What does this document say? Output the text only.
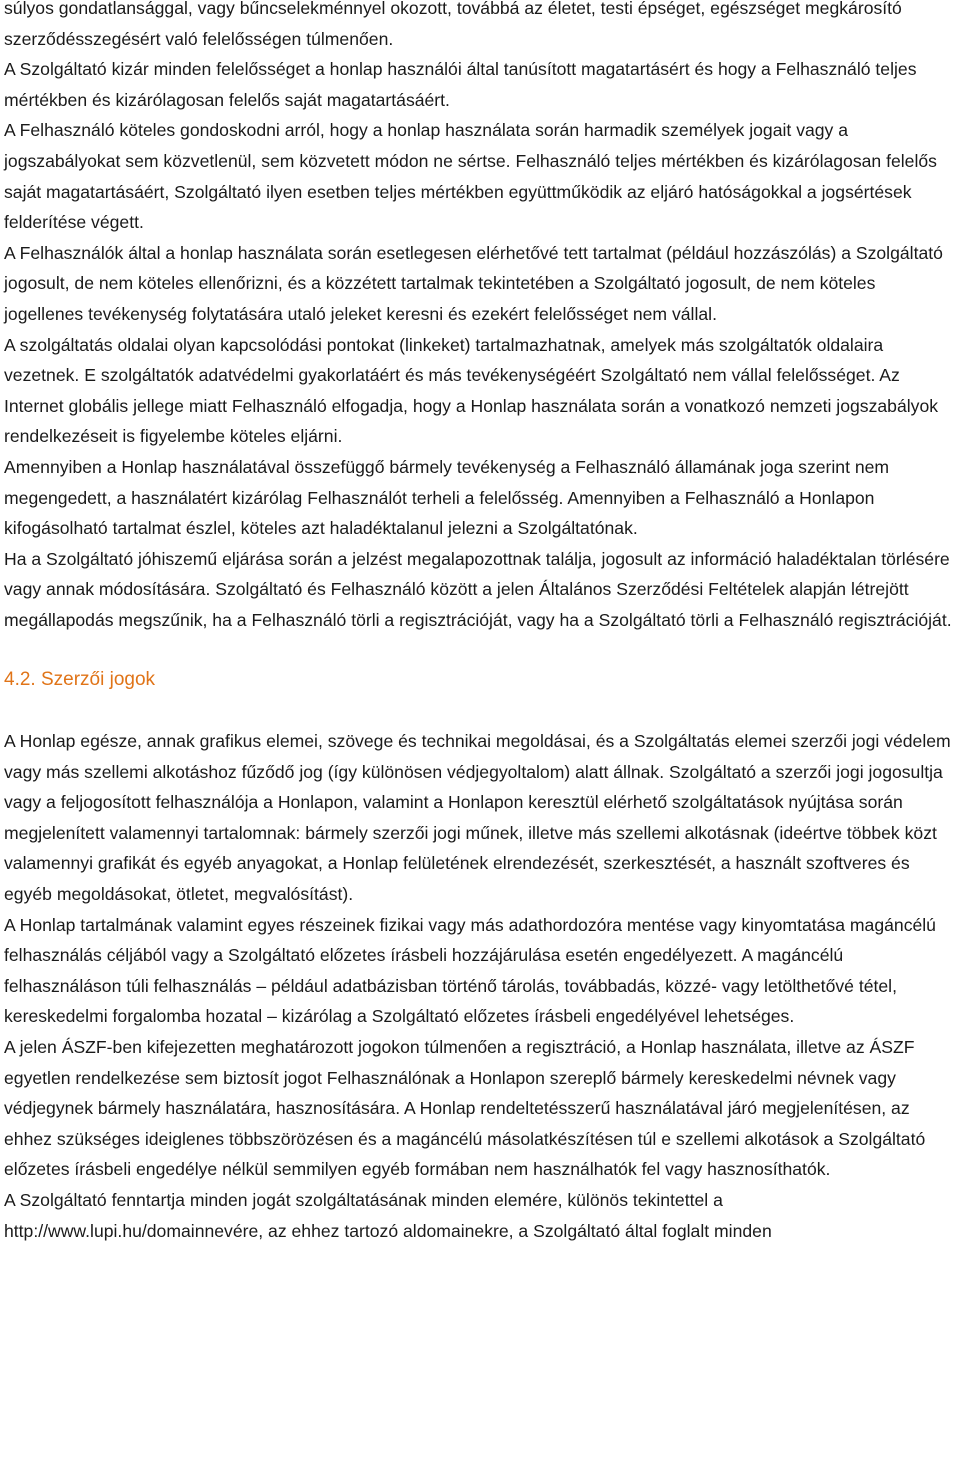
súlyos gondatlansággal, vagy bűncselekménnyel okozott, továbbá az életet, testi épséget, egészséget megkárosító szerződésszegésért való felelősségen túlmenően.

A Szolgáltató kizár minden felelősséget a honlap használói által tanúsított magatartásért és hogy a Felhasználó teljes mértékben és kizárólagosan felelős saját magatartásáért.

A Felhasználó köteles gondoskodni arról, hogy a honlap használata során harmadik személyek jogait vagy a jogszabályokat sem közvetlenül, sem közvetett módon ne sértse. Felhasználó teljes mértékben és kizárólagosan felelős saját magatartásáért, Szolgáltató ilyen esetben teljes mértékben együttműködik az eljáró hatóságokkal a jogsértések felderítése végett.

A Felhasználók által a honlap használata során esetlegesen elérhetővé tett tartalmat (például hozzászólás) a Szolgáltató jogosult, de nem köteles ellenőrizni, és a közzétett tartalmak tekintetében a Szolgáltató jogosult, de nem köteles jogellenes tevékenység folytatására utaló jeleket keresni és ezekért felelősséget nem vállal.

A szolgáltatás oldalai olyan kapcsolódási pontokat (linkeket) tartalmazhatnak, amelyek más szolgáltatók oldalaira vezetnek. E szolgáltatók adatvédelmi gyakorlatáért és más tevékenységéért Szolgáltató nem vállal felelősséget. Az Internet globális jellege miatt Felhasználó elfogadja, hogy a Honlap használata során a vonatkozó nemzeti jogszabályok rendelkezéseit is figyelembe köteles eljárni.

Amennyiben a Honlap használatával összefüggő bármely tevékenység a Felhasználó államának joga szerint nem megengedett, a használatért kizárólag Felhasználót terheli a felelősség. Amennyiben a Felhasználó a Honlapon kifogásolható tartalmat észlel, köteles azt haladéktalanul jelezni a Szolgáltatónak.

Ha a Szolgáltató jóhiszemű eljárása során a jelzést megalapozottnak találja, jogosult az információ haladéktalan törlésére vagy annak módosítására. Szolgáltató és Felhasználó között a jelen Általános Szerződési Feltételek alapján létrejött megállapodás megszűnik, ha a Felhasználó törli a regisztrációját, vagy ha a Szolgáltató törli a Felhasználó regisztrációját.

4.2. Szerzői jogok

A Honlap egésze, annak grafikus elemei, szövege és technikai megoldásai, és a Szolgáltatás elemei szerzői jogi védelem vagy más szellemi alkotáshoz fűződő jog (így különösen védjegyoltalom) alatt állnak. Szolgáltató a szerzői jogi jogosultja vagy a feljogosított felhasználója a Honlapon, valamint a Honlapon keresztül elérhető szolgáltatások nyújtása során megjelenített valamennyi tartalomnak: bármely szerzői jogi műnek, illetve más szellemi alkotásnak (ideértve többek közt valamennyi grafikát és egyéb anyagokat, a Honlap felületének elrendezését, szerkesztését, a használt szoftveres és egyéb megoldásokat, ötletet, megvalósítást).

A Honlap tartalmának valamint egyes részeinek fizikai vagy más adathordozóra mentése vagy kinyomtatása magáncélú felhasználás céljából vagy a Szolgáltató előzetes írásbeli hozzájárulása esetén engedélyezett. A magáncélú felhasználáson túli felhasználás – például adatbázisban történő tárolás, továbbadás, közzé- vagy letölthetővé tétel, kereskedelmi forgalomba hozatal – kizárólag a Szolgáltató előzetes írásbeli engedélyével lehetséges.

A jelen ÁSZF-ben kifejezetten meghatározott jogokon túlmenően a regisztráció, a Honlap használata, illetve az ÁSZF egyetlen rendelkezése sem biztosít jogot Felhasználónak a Honlapon szereplő bármely kereskedelmi névnek vagy védjegynek bármely használatára, hasznosítására. A Honlap rendeltetésszerű használatával járó megjelenítésen, az ehhez szükséges ideiglenes többszörözésen és a magáncélú másolatkészítésen túl e szellemi alkotások a Szolgáltató előzetes írásbeli engedélye nélkül semmilyen egyéb formában nem használhatók fel vagy hasznosíthatók.

A Szolgáltató fenntartja minden jogát szolgáltatásának minden elemére, különös tekintettel a http://www.lupi.hu/domainnevére, az ehhez tartozó aldomainekre, a Szolgáltató által foglalt minden
